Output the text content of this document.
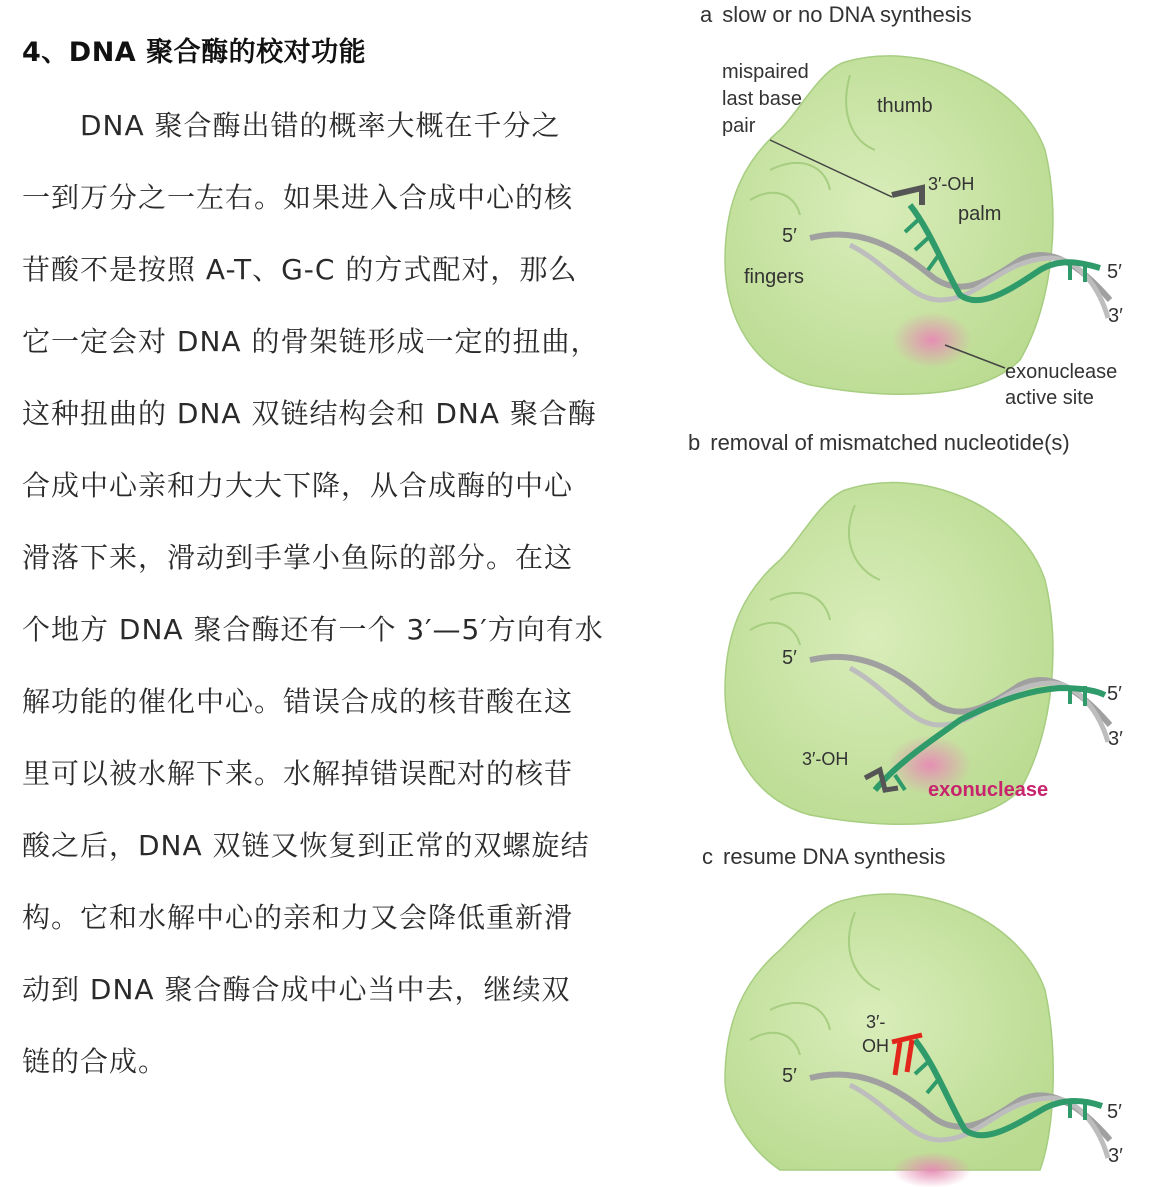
4、DNA 聚合酶的校对功能
　　DNA 聚合酶出错的概率大概在千分之
一到万分之一左右。如果进入合成中心的核
苷酸不是按照 A-T、G-C 的方式配对，那么
它一定会对 DNA 的骨架链形成一定的扭曲，
这种扭曲的 DNA 双链结构会和 DNA 聚合酶
合成中心亲和力大大下降，从合成酶的中心
滑落下来，滑动到手掌小鱼际的部分。在这
个地方 DNA 聚合酶还有一个 3′—5′方向有水
解功能的催化中心。错误合成的核苷酸在这
里可以被水解下来。水解掉错误配对的核苷
酸之后，DNA 双链又恢复到正常的双螺旋结
构。它和水解中心的亲和力又会降低重新滑
动到 DNA 聚合酶合成中心当中去，继续双
链的合成。
a slow or no DNA synthesis
mispaired
last base
pair
thumb
3′-OH
palm
5′
fingers	5′
3′
exonuclease
active site
b removal of mismatched nucleotide(s)
5′
5′
3′
3′-OH
exonuclease
c resume DNA synthesis
3′-
OH
5′
5′
3′
